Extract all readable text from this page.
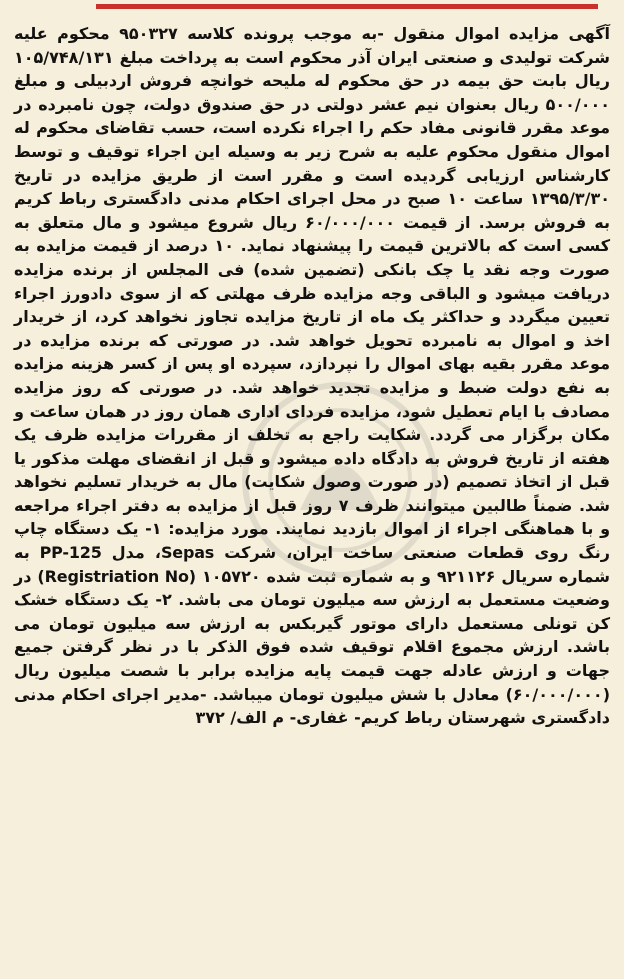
آگهی مزایده اموال منقول -به موجب پرونده کلاسه ۹۵۰۳۲۷ محکوم علیه شرکت تولیدی و صنعتی ایران آذر محکوم است به پرداخت مبلغ ۱۰۵/۷۴۸/۱۳۱ ریال بابت حق بیمه در حق محکوم له ملیحه خوانچه فروش اردبیلی و مبلغ ۵۰۰/۰۰۰ ریال بعنوان نیم عشر دولتی در حق صندوق دولت، چون نامبرده در موعد مقرر قانونی مفاد حکم را اجراء نکرده است، حسب تقاضای محکوم له اموال منقول محکوم علیه به شرح زیر به وسیله این اجراء توقیف و توسط کارشناس ارزیابی گردیده است و مقرر است از طریق مزایده در تاریخ ۱۳۹۵/۳/۳۰ ساعت ۱۰ صبح در محل اجرای احکام مدنی دادگستری رباط کریم به فروش برسد. از قیمت ۶۰/۰۰۰/۰۰۰ ریال شروع میشود و مال متعلق به کسی است که بالاترین قیمت را پیشنهاد نماید. ۱۰ درصد از قیمت مزایده به صورت وجه نقد یا چک بانکی (تضمین شده) فی المجلس از برنده مزایده دریافت میشود و الباقی وجه مزایده ظرف مهلتی که از سوی دادورز اجراء تعیین میگردد و حداکثر یک ماه از تاریخ مزایده تجاوز نخواهد کرد، از خریدار اخذ و اموال به نامبرده تحویل خواهد شد. در صورتی که برنده مزایده در موعد مقرر بقیه بهای اموال را نپردازد، سپرده او پس از کسر هزینه مزایده به نفع دولت ضبط و مزایده تجدید خواهد شد. در صورتی که روز مزایده مصادف با ایام تعطیل شود، مزایده فردای اداری همان روز در همان ساعت و مکان برگزار می گردد. شکایت راجع به تخلف از مقررات مزایده ظرف یک هفته از تاریخ فروش به دادگاه داده میشود و قبل از انقضای مهلت مذکور یا قبل از اتخاذ تصمیم (در صورت وصول شکایت) مال به خریدار تسلیم نخواهد شد. ضمناً طالبین میتوانند ظرف ۷ روز قبل از مزایده به دفتر اجراء مراجعه و با هماهنگی اجراء از اموال بازدید نمایند. مورد مزایده: ۱- یک دستگاه چاپ رنگ روی قطعات صنعتی ساخت ایران، شرکت Sepas، مدل PP-125 به شماره سریال ۹۲۱۱۲۶ و به شماره ثبت شده ۱۰۵۷۲۰ (Registriation No) در وضعیت مستعمل به ارزش سه میلیون تومان می باشد. ۲- یک دستگاه خشک کن تونلی مستعمل دارای موتور گیربکس به ارزش سه میلیون تومان می باشد. ارزش مجموع اقلام توقیف شده فوق الذکر با در نظر گرفتن جمیع جهات و ارزش عادله جهت قیمت پایه مزایده برابر با شصت میلیون ریال (۶۰/۰۰۰/۰۰۰) معادل با شش میلیون تومان میباشد. -مدیر اجرای احکام مدنی دادگستری شهرستان رباط کریم- غفاری- م الف/ ۳۷۲
